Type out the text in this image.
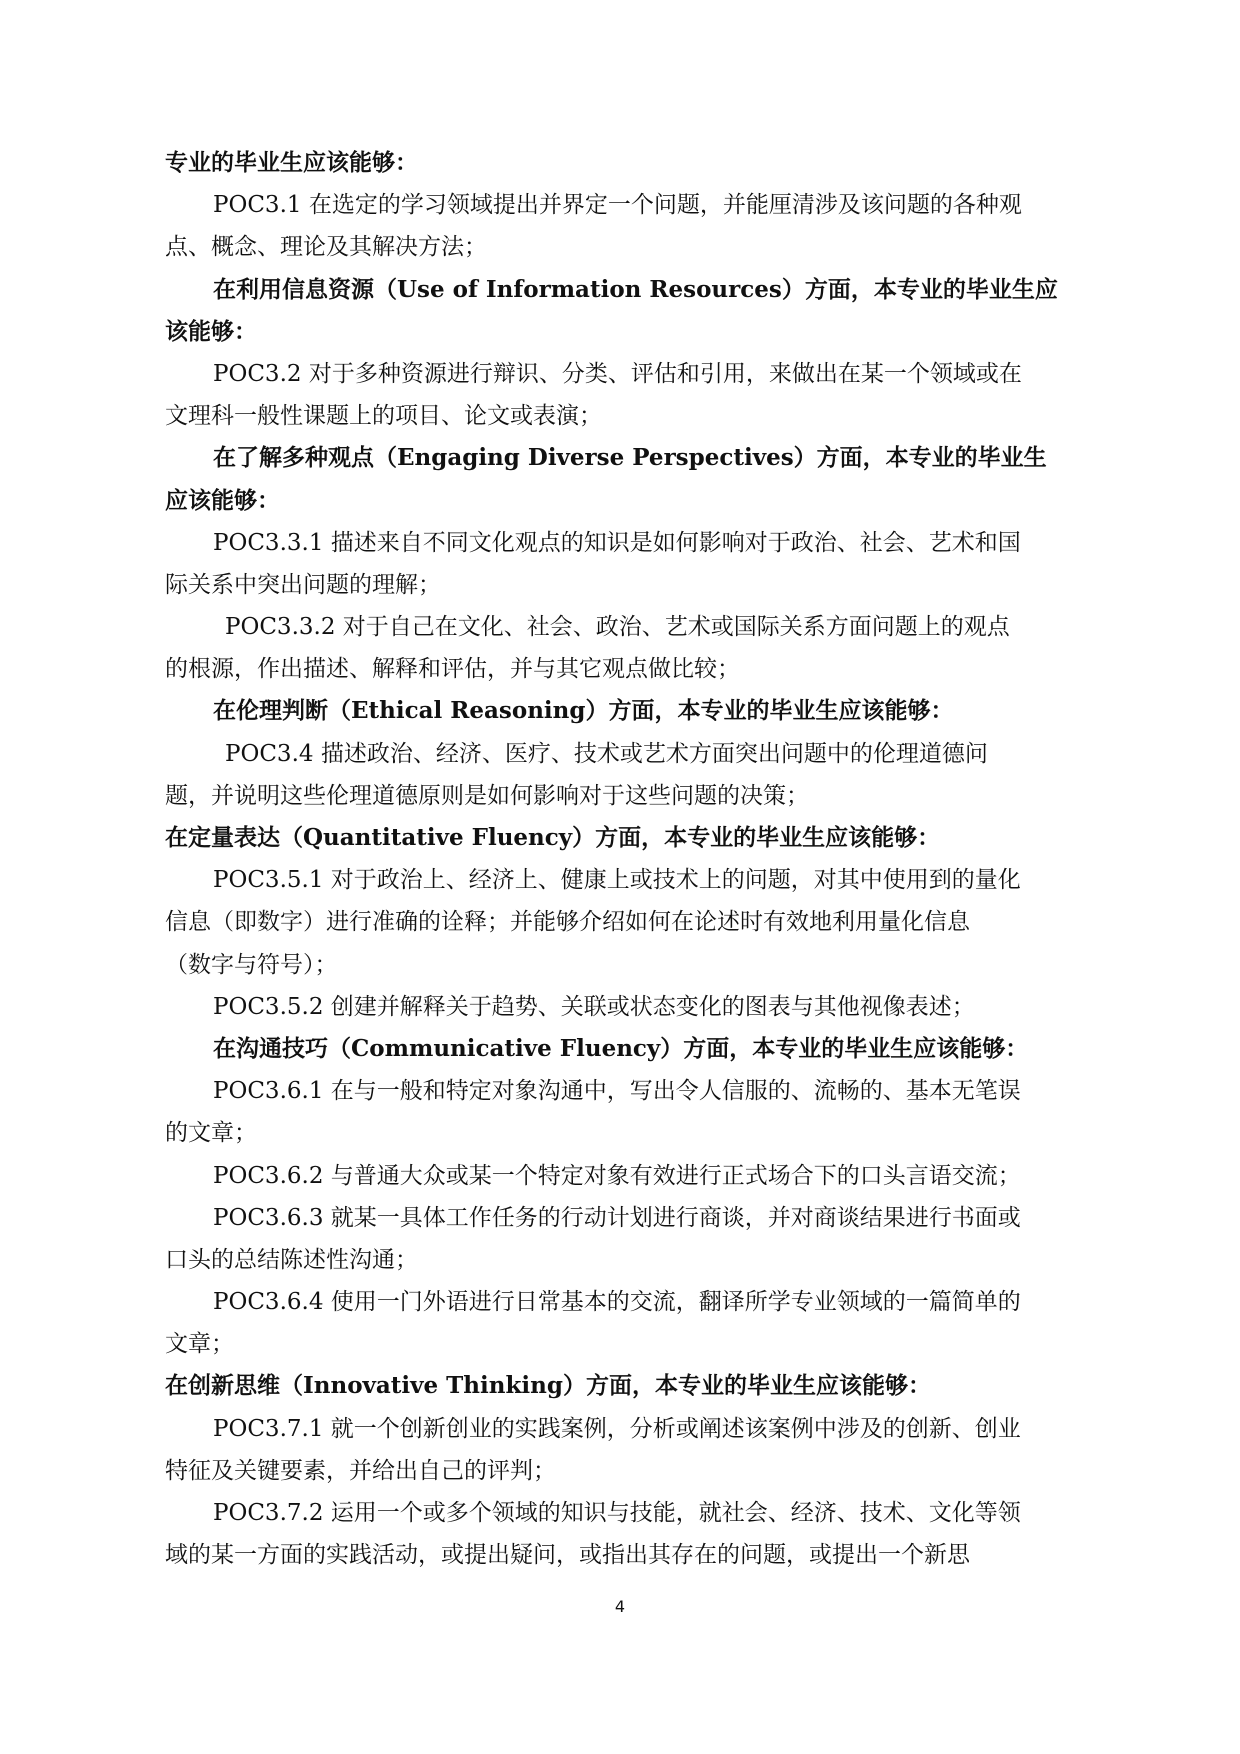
专业的毕业生应该能够：
POC3.1 在选定的学习领域提出并界定一个问题，并能厘清涉及该问题的各种观
点、概念、理论及其解决方法；
在利用信息资源（Use of Information Resources）方面，本专业的毕业生应
该能够：
POC3.2 对于多种资源进行辩识、分类、评估和引用，来做出在某一个领域或在
文理科一般性课题上的项目、论文或表演；
在了解多种观点（Engaging Diverse Perspectives）方面，本专业的毕业生
应该能够：
POC3.3.1 描述来自不同文化观点的知识是如何影响对于政治、社会、艺术和国
际关系中突出问题的理解；
POC3.3.2 对于自己在文化、社会、政治、艺术或国际关系方面问题上的观点
的根源，作出描述、解释和评估，并与其它观点做比较；
在伦理判断（Ethical Reasoning）方面，本专业的毕业生应该能够：
POC3.4 描述政治、经济、医疗、技术或艺术方面突出问题中的伦理道德问
题，并说明这些伦理道德原则是如何影响对于这些问题的决策；
在定量表达（Quantitative Fluency）方面，本专业的毕业生应该能够：
POC3.5.1 对于政治上、经济上、健康上或技术上的问题，对其中使用到的量化
信息（即数字）进行准确的诠释；并能够介绍如何在论述时有效地利用量化信息
（数字与符号）；
POC3.5.2 创建并解释关于趋势、关联或状态变化的图表与其他视像表述；
在沟通技巧（Communicative Fluency）方面，本专业的毕业生应该能够：
POC3.6.1 在与一般和特定对象沟通中，写出令人信服的、流畅的、基本无笔误
的文章；
POC3.6.2 与普通大众或某一个特定对象有效进行正式场合下的口头言语交流；
POC3.6.3 就某一具体工作任务的行动计划进行商谈，并对商谈结果进行书面或
口头的总结陈述性沟通；
POC3.6.4 使用一门外语进行日常基本的交流，翻译所学专业领域的一篇简单的
文章；
在创新思维（Innovative Thinking）方面，本专业的毕业生应该能够：
POC3.7.1 就一个创新创业的实践案例，分析或阐述该案例中涉及的创新、创业
特征及关键要素，并给出自己的评判；
POC3.7.2 运用一个或多个领域的知识与技能，就社会、经济、技术、文化等领
域的某一方面的实践活动，或提出疑问，或指出其存在的问题，或提出一个新思
4
